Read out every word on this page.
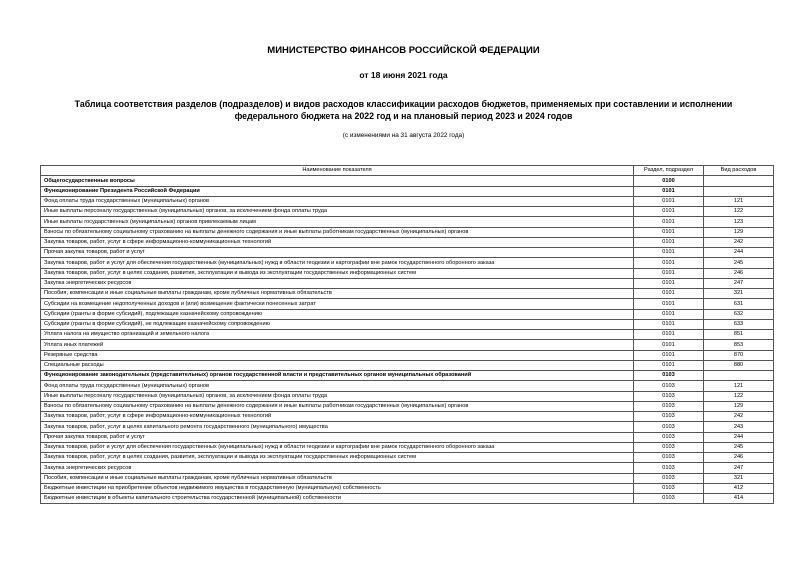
МИНИСТЕРСТВО ФИНАНСОВ РОССИЙСКОЙ ФЕДЕРАЦИИ
от 18 июня 2021 года
Таблица соответствия разделов (подразделов) и видов расходов классификации расходов бюджетов, применяемых при составлении и исполнении федерального бюджета на 2022 год и на плановый период 2023 и 2024 годов
(с изменениями на 31 августа 2022 года)
Наименование показателя	Раздел, подраздел	Вид расходов
Общегосударственные вопросы	0100	
Функционирование Президента Российской Федерации	0101	
Фонд оплаты труда государственных (муниципальных) органов	0101	121
Иные выплаты персоналу государственных (муниципальных) органов, за исключением фонда оплаты труда	0101	122
Иные выплаты государственных (муниципальных) органов привлекаемым лицам	0101	123
Взносы по обязательному социальному страхованию на выплаты денежного содержания и иные выплаты работникам государственных (муниципальных) органов	0101	129
Закупка товаров, работ, услуг в сфере информационно-коммуникационных технологий	0101	242
Прочая закупка товаров, работ и услуг	0101	244
Закупка товаров, работ и услуг для обеспечения государственных (муниципальных) нужд в области геодезии и картографии вне рамок государственного оборонного заказа	0101	245
Закупка товаров, работ, услуг в целях создания, развития, эксплуатации и вывода из эксплуатации государственных информационных систем	0101	246
Закупка энергетических ресурсов	0101	247
Пособия, компенсации и иные социальные выплаты гражданам, кроме публичных нормативных обязательств	0101	321
Субсидии на возмещение недополученных доходов и (или) возмещение фактически понесенных затрат	0101	631
Субсидии (гранты в форме субсидий), подлежащие казначейскому сопровождению	0101	632
Субсидии (гранты в форме субсидий), не подлежащие казначейскому сопровождению	0101	633
Уплата налога на имущество организаций и земельного налога	0101	851
Уплата иных платежей	0101	853
Резервные средства	0101	870
Специальные расходы	0101	880
Функционирование законодательных (представительных) органов государственной власти и представительных органов муниципальных образований	0103	
Фонд оплаты труда государственных (муниципальных) органов	0103	121
Иные выплаты персоналу государственных (муниципальных) органов, за исключением фонда оплаты труда	0103	122
Взносы по обязательному социальному страхованию на выплаты денежного содержания и иные выплаты работникам государственных (муниципальных) органов	0103	129
Закупка товаров, работ, услуг в сфере информационно-коммуникационных технологий	0103	242
Закупка товаров, работ, услуг в целях капитального ремонта государственного (муниципального) имущества	0103	243
Прочая закупка товаров, работ и услуг	0103	244
Закупка товаров, работ и услуг для обеспечения государственных (муниципальных) нужд в области геодезии и картографии вне рамок государственного оборонного заказа	0103	245
Закупка товаров, работ, услуг в целях создания, развития, эксплуатации и вывода из эксплуатации государственных информационных систем	0103	246
Закупка энергетических ресурсов	0103	247
Пособия, компенсации и иные социальные выплаты гражданам, кроме публичных нормативных обязательств	0103	321
Бюджетные инвестиции на приобретение объектов недвижимого имущества в государственную (муниципальную) собственность	0103	412
Бюджетные инвестиции в объекты капитального строительства государственной (муниципальной) собственности	0103	414
